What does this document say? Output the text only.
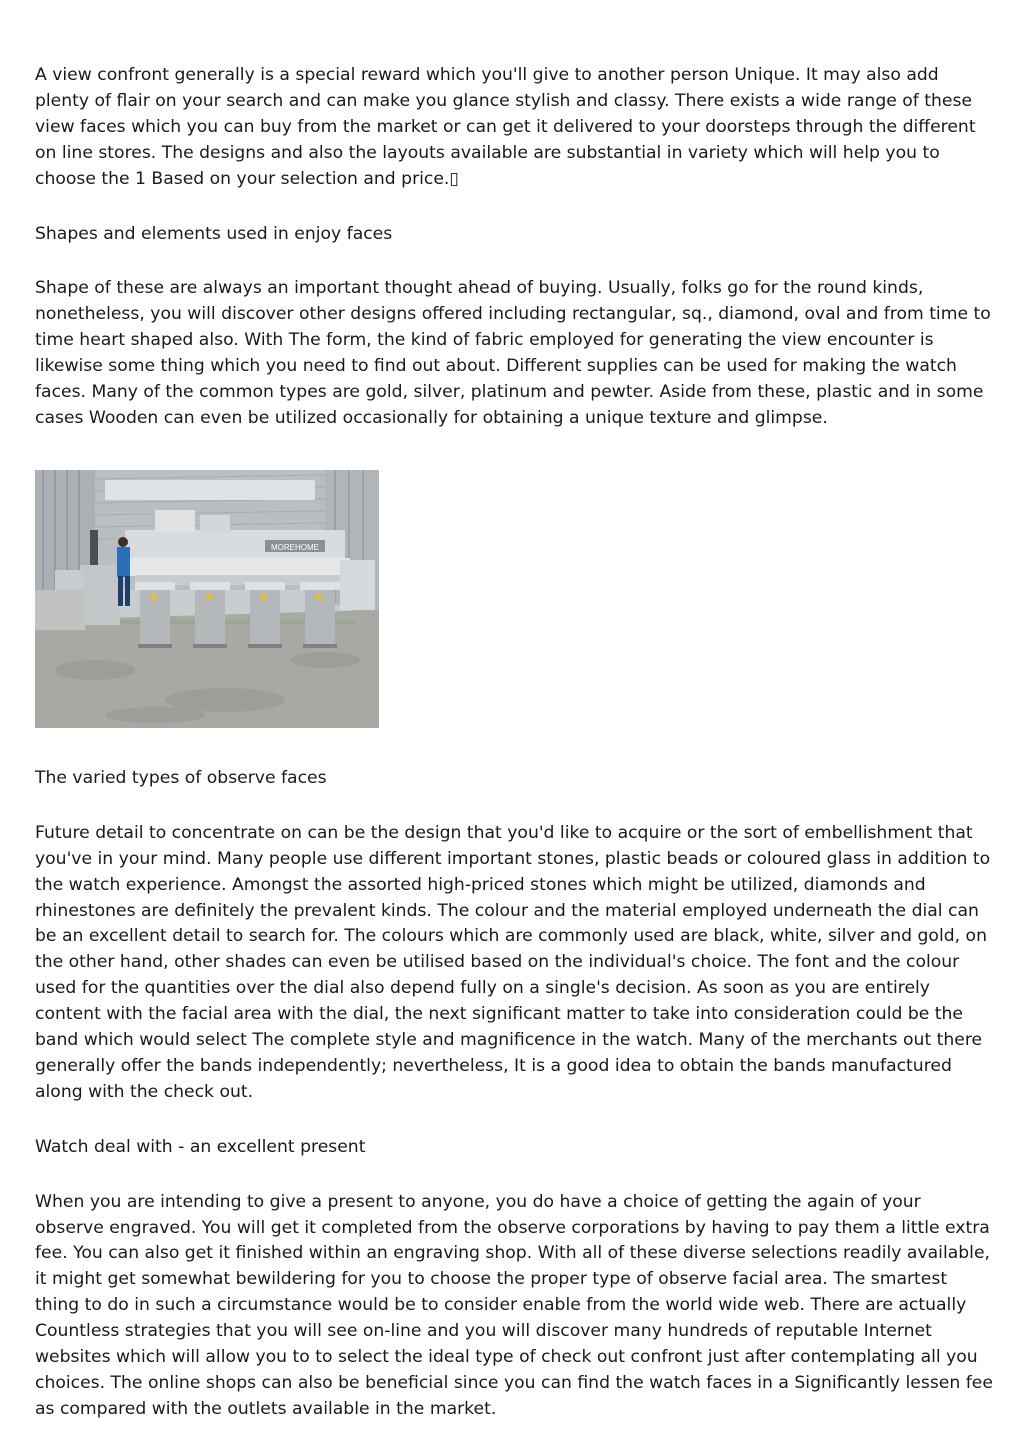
A view confront generally is a special reward which you'll give to another person Unique. It may also add plenty of flair on your search and can make you glance stylish and classy. There exists a wide range of these view faces which you can buy from the market or can get it delivered to your doorsteps through the different on line stores. The designs and also the layouts available are substantial in variety which will help you to choose the 1 Based on your selection and price.▯

Shapes and elements used in enjoy faces

Shape of these are always an important thought ahead of buying. Usually, folks go for the round kinds, nonetheless, you will discover other designs offered including rectangular, sq., diamond, oval and from time to time heart shaped also. With The form, the kind of fabric employed for generating the view encounter is likewise some thing which you need to find out about. Different supplies can be used for making the watch faces. Many of the common types are gold, silver, platinum and pewter. Aside from these, plastic and in some cases Wooden can even be utilized occasionally for obtaining a unique texture and glimpse.

MOREHOME

The varied types of observe faces

Future detail to concentrate on can be the design that you'd like to acquire or the sort of embellishment that you've in your mind. Many people use different important stones, plastic beads or coloured glass in addition to the watch experience. Amongst the assorted high-priced stones which might be utilized, diamonds and rhinestones are definitely the prevalent kinds. The colour and the material employed underneath the dial can be an excellent detail to search for. The colours which are commonly used are black, white, silver and gold, on the other hand, other shades can even be utilised based on the individual's choice. The font and the colour used for the quantities over the dial also depend fully on a single's decision. As soon as you are entirely content with the facial area with the dial, the next significant matter to take into consideration could be the band which would select The complete style and magnificence in the watch. Many of the merchants out there generally offer the bands independently; nevertheless, It is a good idea to obtain the bands manufactured along with the check out.

Watch deal with - an excellent present

When you are intending to give a present to anyone, you do have a choice of getting the again of your observe engraved. You will get it completed from the observe corporations by having to pay them a little extra fee. You can also get it finished within an engraving shop. With all of these diverse selections readily available, it might get somewhat bewildering for you to choose the proper type of observe facial area. The smartest thing to do in such a circumstance would be to consider enable from the world wide web. There are actually Countless strategies that you will see on-line and you will discover many hundreds of reputable Internet websites which will allow you to to select the ideal type of check out confront just after contemplating all you choices. The online shops can also be beneficial since you can find the watch faces in a Significantly lessen fee as compared with the outlets available in the market.
